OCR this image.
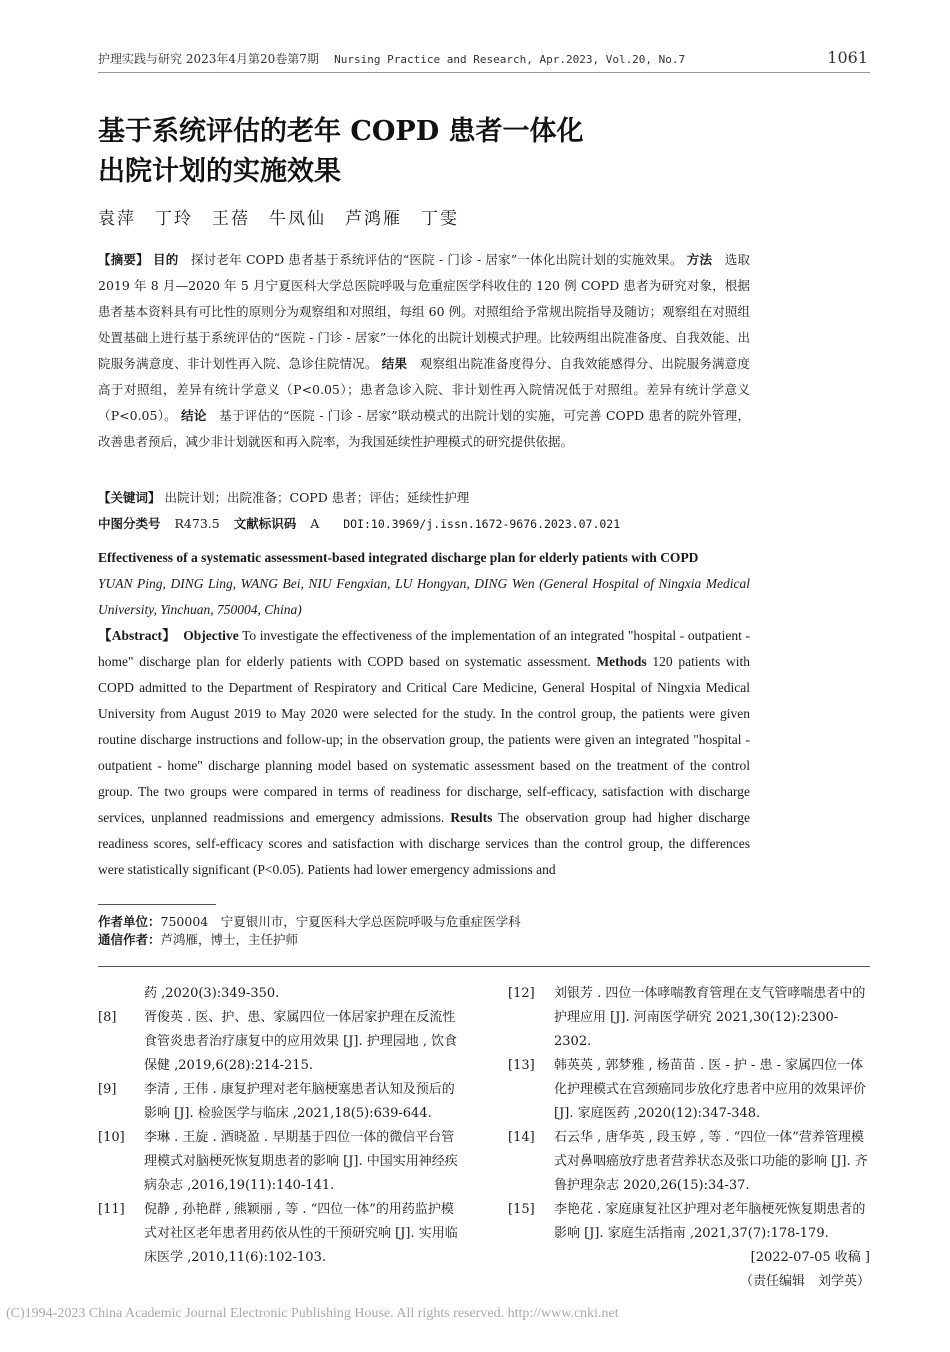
护理实践与研究 2023年4月第20卷第7期 Nursing Practice and Research, Apr.2023, Vol.20, No.7	1061
基于系统评估的老年 COPD 患者一体化
出院计划的实施效果
袁萍　丁玲　王蓓　牛凤仙　芦鸿雁　丁雯
【摘要】 目的 探讨老年 COPD 患者基于系统评估的“医院 - 门诊 - 居家”一体化出院计划的实施效果。 方法 选取 2019 年 8 月—2020 年 5 月宁夏医科大学总医院呼吸与危重症医学科收住的 120 例 COPD 患者为研究对象，根据患者基本资料具有可比性的原则分为观察组和对照组，每组 60 例。对照组给予常规出院指导及随访；观察组在对照组处置基础上进行基于系统评估的“医院 - 门诊 - 居家”一体化的出院计划模式护理。比较两组出院准备度、自我效能、出院服务满意度、非计划性再入院、急诊住院情况。 结果 观察组出院准备度得分、自我效能感得分、出院服务满意度高于对照组，差异有统计学意义（P<0.05）；患者急诊入院、非计划性再入院情况低于对照组。差异有统计学意义（P<0.05）。 结论 基于评估的“医院 - 门诊 - 居家”联动模式的出院计划的实施，可完善 COPD 患者的院外管理，改善患者预后，减少非计划就医和再入院率，为我国延续性护理模式的研究提供依据。
【关键词】 出院计划；出院准备；COPD 患者；评估；延续性护理
中图分类号 R473.5 文献标识码 A DOI:10.3969/j.issn.1672-9676.2023.07.021
Effectiveness of a systematic assessment-based integrated discharge plan for elderly patients with COPD
YUAN Ping, DING Ling, WANG Bei, NIU Fengxian, LU Hongyan, DING Wen (General Hospital of Ningxia Medical University, Yinchuan, 750004, China)
【Abstract】 Objective To investigate the effectiveness of the implementation of an integrated "hospital - outpatient - home" discharge plan for elderly patients with COPD based on systematic assessment. Methods 120 patients with COPD admitted to the Department of Respiratory and Critical Care Medicine, General Hospital of Ningxia Medical University from August 2019 to May 2020 were selected for the study. In the control group, the patients were given routine discharge instructions and follow-up; in the observation group, the patients were given an integrated "hospital - outpatient - home" discharge planning model based on systematic assessment based on the treatment of the control group. The two groups were compared in terms of readiness for discharge, self-efficacy, satisfaction with discharge services, unplanned readmissions and emergency admissions. Results The observation group had higher discharge readiness scores, self-efficacy scores and satisfaction with discharge services than the control group, the differences were statistically significant (P<0.05). Patients had lower emergency admissions and
作者单位：750004　宁夏银川市，宁夏医科大学总医院呼吸与危重症医学科
通信作者：芦鸿雁，博士，主任护师
药 ,2020(3):349-350.
[8] 胥俊英 . 医、护、患、家属四位一体居家护理在反流性食管炎患者治疗康复中的应用效果 [J]. 护理园地 , 饮食保健 ,2019,6(28):214-215.
[9] 李清 , 王伟 . 康复护理对老年脑梗塞患者认知及预后的影响 [J]. 检验医学与临床 ,2021,18(5):639-644.
[10] 李琳 . 王旋 . 酒晓盈 . 早期基于四位一体的微信平台管理模式对脑梗死恢复期患者的影响 [J]. 中国实用神经疾病杂志 ,2016,19(11):140-141.
[11] 倪静 , 孙艳群 , 熊颖丽 , 等 . “四位一体”的用药监护模式对社区老年患者用药依从性的干预研究响 [J]. 实用临床医学 ,2010,11(6):102-103.
[12] 刘银芳 . 四位一体哮喘教育管理在支气管哮喘患者中的护理应用 [J]. 河南医学研究 2021,30(12):2300-2302.
[13] 韩英英 , 郭梦雅 , 杨苗苗 . 医 - 护 - 患 - 家属四位一体化护理模式在宫颈癌同步放化疗患者中应用的效果评价 [J]. 家庭医药 ,2020(12):347-348.
[14] 石云华 , 唐华英 , 段玉婷 , 等 . “四位一体”营养管理模式对鼻咽癌放疗患者营养状态及张口功能的影响 [J]. 齐鲁护理杂志 2020,26(15):34-37.
[15] 李艳花 . 家庭康复社区护理对老年脑梗死恢复期患者的影响 [J]. 家庭生活指南 ,2021,37(7):178-179.
[2022-07-05 收稿 ]
（责任编辑　刘学英）
(C)1994-2023 China Academic Journal Electronic Publishing House. All rights reserved. http://www.cnki.net
